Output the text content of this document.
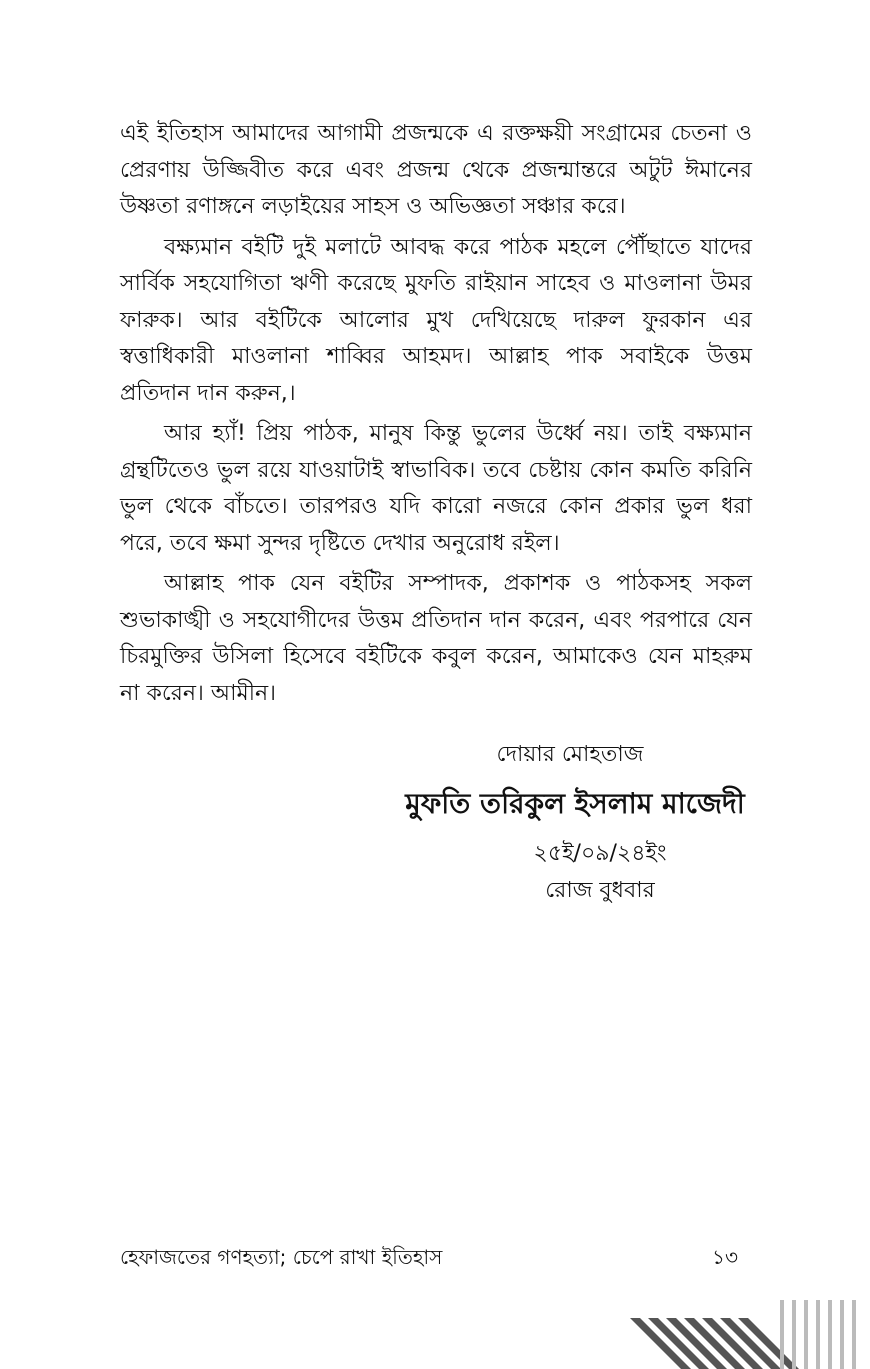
এই ইতিহাস আমাদের আগামী প্রজন্মকে এ রক্তক্ষয়ী সংগ্রামের চেতনা ও প্রেরণায় উজ্জিবীত করে এবং প্রজন্ম থেকে প্রজন্মান্তরে অটুট ঈমানের উষ্ণতা রণাঙ্গনে লড়াইয়ের সাহস ও অভিজ্ঞতা সঞ্চার করে।

বক্ষ্যমান বইটি দুই মলাটে আবদ্ধ করে পাঠক মহলে পৌঁছাতে যাদের সার্বিক সহযোগিতা ঋণী করেছে মুফতি রাইয়ান সাহেব ও মাওলানা উমর ফারুক। আর বইটিকে আলোর মুখ দেখিয়েছে দারুল ফুরকান এর স্বত্তাধিকারী মাওলানা শাব্বির আহমদ। আল্লাহ পাক সবাইকে উত্তম প্রতিদান দান করুন,।

আর হ্যাঁ! প্রিয় পাঠক, মানুষ কিন্তু ভুলের উর্ধ্বে নয়। তাই বক্ষ্যমান গ্রন্থটিতেও ভুল রয়ে যাওয়াটাই স্বাভাবিক। তবে চেষ্টায় কোন কমতি করিনি ভুল থেকে বাঁচতে। তারপরও যদি কারো নজরে কোন প্রকার ভুল ধরা পরে, তবে ক্ষমা সুন্দর দৃষ্টিতে দেখার অনুরোধ রইল।

আল্লাহ পাক যেন বইটির সম্পাদক, প্রকাশক ও পাঠকসহ সকল শুভাকাঙ্খী ও সহযোগীদের উত্তম প্রতিদান দান করেন, এবং পরপারে যেন চিরমুক্তির উসিলা হিসেবে বইটিকে কবুল করেন, আমাকেও যেন মাহরুম না করেন। আমীন।

দোয়ার মোহতাজ
মুফতি তরিকুল ইসলাম মাজেদী
২৫ই/০৯/২৪ইং
রোজ বুধবার
হেফাজতের গণহত্যা; চেপে রাখা ইতিহাস	১৩
